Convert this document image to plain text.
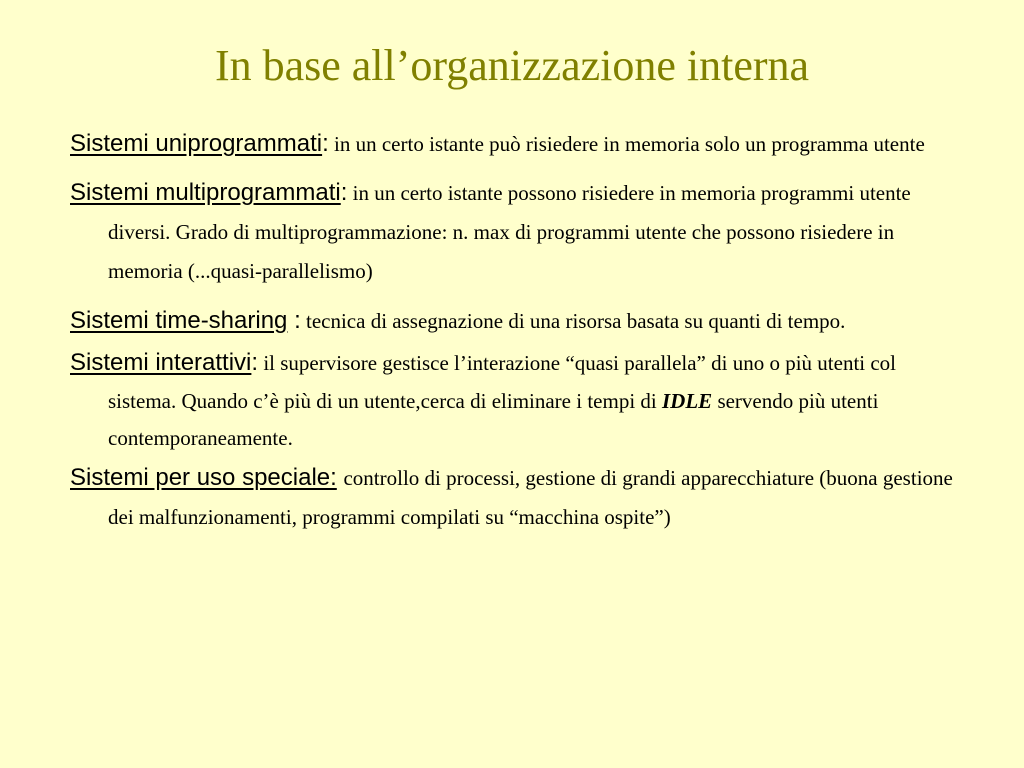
In base all’organizzazione interna
Sistemi uniprogrammati: in un certo istante può risiedere in memoria solo un programma utente
Sistemi multiprogrammati: in un certo istante possono risiedere in memoria programmi utente diversi. Grado di multiprogrammazione: n. max di programmi utente che possono risiedere in memoria (...quasi-parallelismo)
Sistemi time-sharing : tecnica di assegnazione di una risorsa basata su quanti di tempo.
Sistemi interattivi: il supervisore gestisce l’interazione “quasi parallela” di uno o più utenti col sistema. Quando c’è più di un utente,cerca di eliminare i tempi di IDLE servendo più utenti contemporaneamente.
Sistemi per uso speciale: controllo di processi, gestione di grandi apparecchiature (buona gestione dei malfunzionamenti, programmi compilati su “macchina ospite”)
